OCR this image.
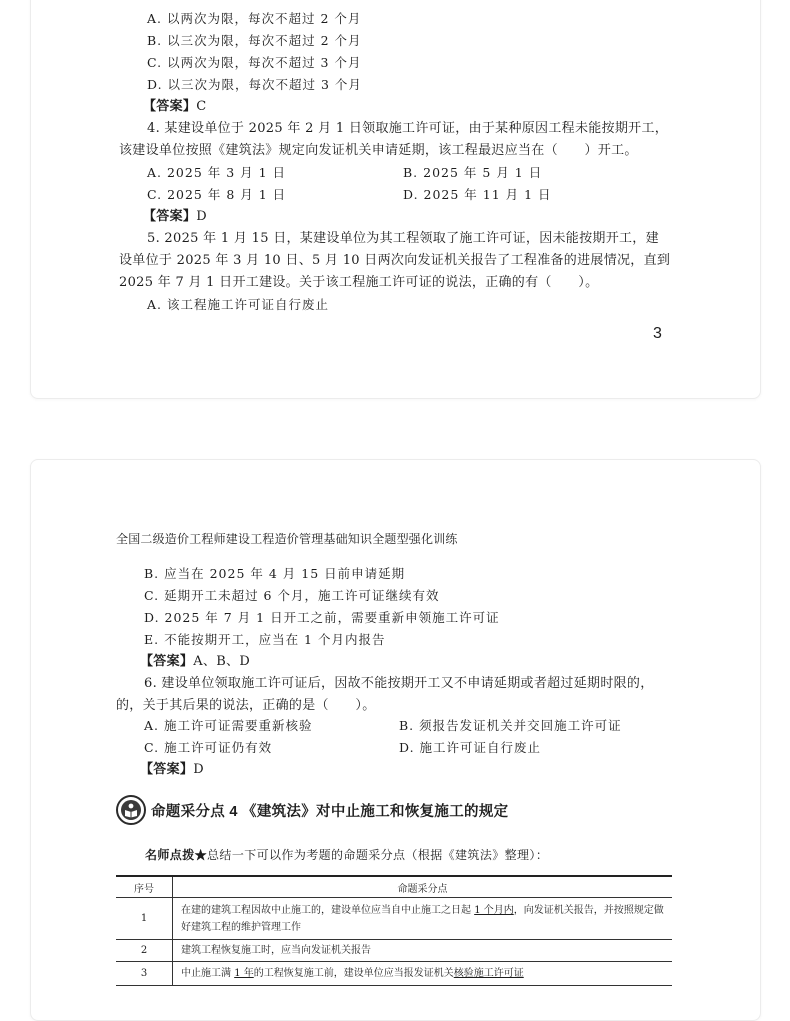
A. 以两次为限，每次不超过 2 个月
B. 以三次为限，每次不超过 2 个月
C. 以两次为限，每次不超过 3 个月
D. 以三次为限，每次不超过 3 个月
【答案】C
4. 某建设单位于 2025 年 2 月 1 日领取施工许可证，由于某种原因工程未能按期开工，
该建设单位按照《建筑法》规定向发证机关申请延期，该工程最迟应当在（　　）开工。
A. 2025 年 3 月 1 日	B. 2025 年 5 月 1 日
C. 2025 年 8 月 1 日	D. 2025 年 11 月 1 日
【答案】D
5. 2025 年 1 月 15 日，某建设单位为其工程领取了施工许可证，因未能按期开工，建
设单位于 2025 年 3 月 10 日、5 月 10 日两次向发证机关报告了工程准备的进展情况，直到
2025 年 7 月 1 日开工建设。关于该工程施工许可证的说法，正确的有（　　）。
A. 该工程施工许可证自行废止
3
全国二级造价工程师建设工程造价管理基础知识全题型强化训练
B. 应当在 2025 年 4 月 15 日前申请延期
C. 延期开工未超过 6 个月，施工许可证继续有效
D. 2025 年 7 月 1 日开工之前，需要重新申领施工许可证
E. 不能按期开工，应当在 1 个月内报告
【答案】A、B、D
6. 建设单位领取施工许可证后，因故不能按期开工又不申请延期或者超过延期时限的，
的，关于其后果的说法，正确的是（　　）。
A. 施工许可证需要重新核验	B. 须报告发证机关并交回施工许可证
C. 施工许可证仍有效	D. 施工许可证自行废止
【答案】D
命题采分点 4 《建筑法》对中止施工和恢复施工的规定
名师点拨★总结一下可以作为考题的命题采分点（根据《建筑法》整理）：
序号	命题采分点
1	在建的建筑工程因故中止施工的，建设单位应当自中止施工之日起 1 个月内，向发证机关报告，并按照规定做好建筑工程的维护管理工作
2	建筑工程恢复施工时，应当向发证机关报告
3	中止施工满 1 年的工程恢复施工前，建设单位应当报发证机关核验施工许可证
